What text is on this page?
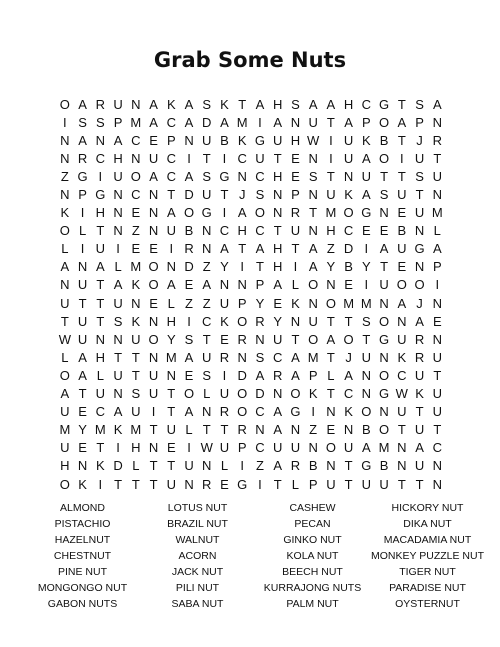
Grab Some Nuts
O A R U N A K A S K T A H S A A H C G T S A
I S S P M A C A D A M I A N U T A P O A P N
N A N A C E P N U B K G U H W I U K B T J R
N R C H N U C I T I C U T E N I U A O I U T
Z G I U O A C A S G N C H E S T N U T T S U
N P G N C N T D U T J S N P N U K A S U T N
K I H N E N A O G I A O N R T M O G N E U M
O L T N Z N U B N C H C T U N H C E E B N L
L I U I E E I R N A T A H T A Z D I A U G A
A N A L M O N D Z Y I T H I A Y B Y T E N P
N U T A K O A E A N N P A L O N E I U O O I
U T T U N E L Z Z U P Y E K N O M M N A J N
T U T S K N H I C K O R Y N U T T S O N A E
W U N N U O Y S T E R N U T O A O T G U R N
L A H T T N M A U R N S C A M T J U N K R U
O A L U T U N E S I D A R A P L A N O C U T
A T U N S U T O L U O D N O K T C N G W K U
U E C A U I T A N R O C A G I N K O N U T U
M Y M K M T U L T T R N A N Z E N B O T U T
U E T I H N E I W U P C U U N O U A M N A C
H N K D L T T U N L I Z A R B N T G B N U N
O K I T T T U N R E G I T L P U T U U T T N
ALMOND	LOTUS NUT	CASHEW	HICKORY NUT
PISTACHIO	BRAZIL NUT	PECAN	DIKA NUT
HAZELNUT	WALNUT	GINKO NUT	MACADAMIA NUT
CHESTNUT	ACORN	KOLA NUT	MONKEY PUZZLE NUT
PINE NUT	JACK NUT	BEECH NUT	TIGER NUT
MONGONGO NUT	PILI NUT	KURRAJONG NUTS	PARADISE NUT
GABON NUTS	SABA NUT	PALM NUT	OYSTERNUT
